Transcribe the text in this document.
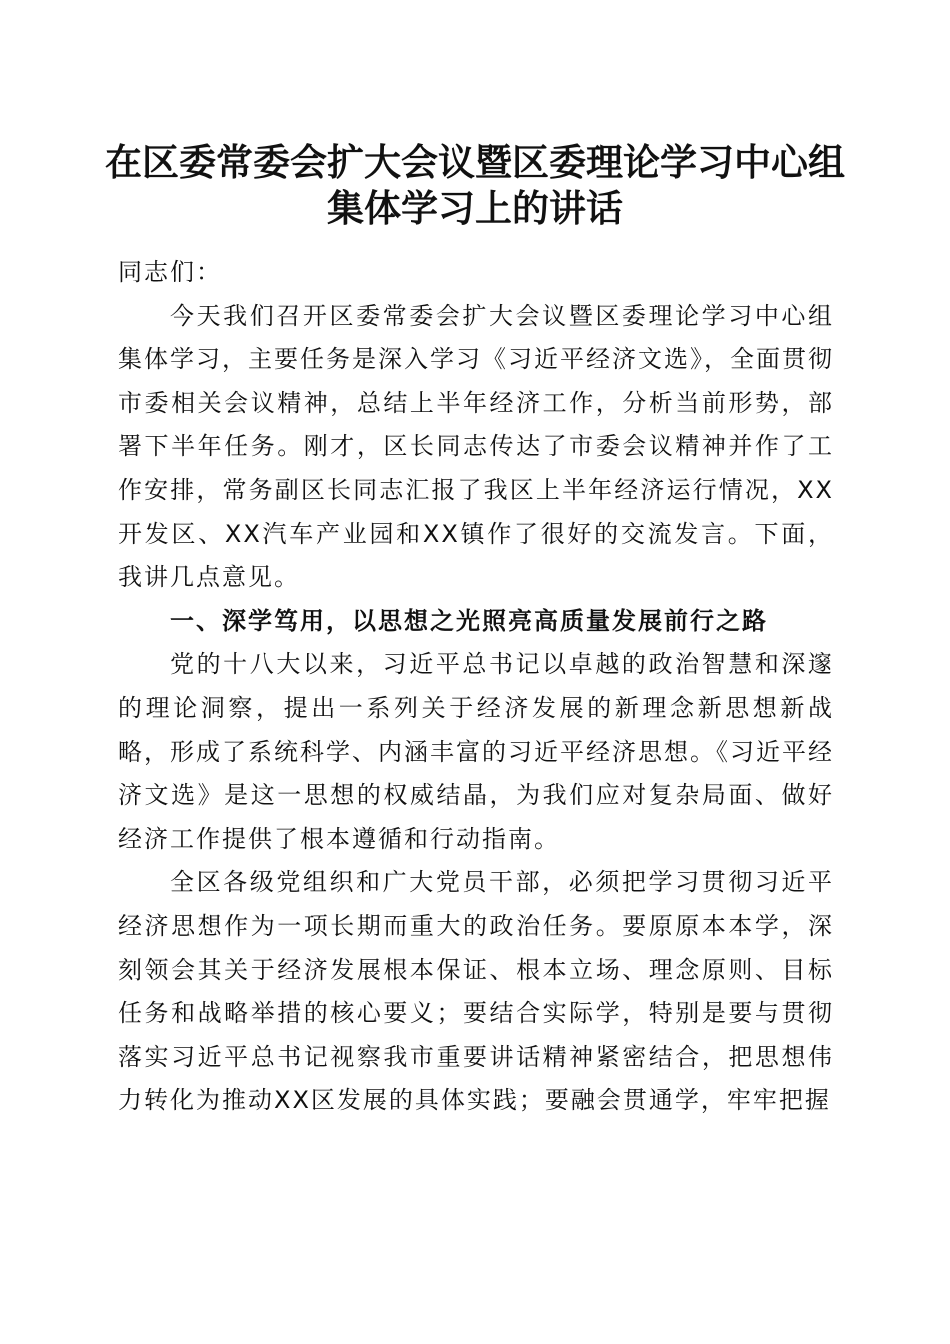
在区委常委会扩大会议暨区委理论学习中心组
集体学习上的讲话

同志们：

今天我们召开区委常委会扩大会议暨区委理论学习中心组集体学习，主要任务是深入学习《习近平经济文选》，全面贯彻市委相关会议精神，总结上半年经济工作，分析当前形势，部署下半年任务。刚才，区长同志传达了市委会议精神并作了工作安排，常务副区长同志汇报了我区上半年经济运行情况，XX开发区、XX汽车产业园和XX镇作了很好的交流发言。下面，我讲几点意见。

一、深学笃用，以思想之光照亮高质量发展前行之路

党的十八大以来，习近平总书记以卓越的政治智慧和深邃的理论洞察，提出一系列关于经济发展的新理念新思想新战略，形成了系统科学、内涵丰富的习近平经济思想。《习近平经济文选》是这一思想的权威结晶，为我们应对复杂局面、做好经济工作提供了根本遵循和行动指南。

全区各级党组织和广大党员干部，必须把学习贯彻习近平经济思想作为一项长期而重大的政治任务。要原原本本学，深刻领会其关于经济发展根本保证、根本立场、理念原则、目标任务和战略举措的核心要义；要结合实际学，特别是要与贯彻落实习近平总书记视察我市重要讲话精神紧密结合，把思想伟力转化为推动XX区发展的具体实践；要融会贯通学，牢牢把握
